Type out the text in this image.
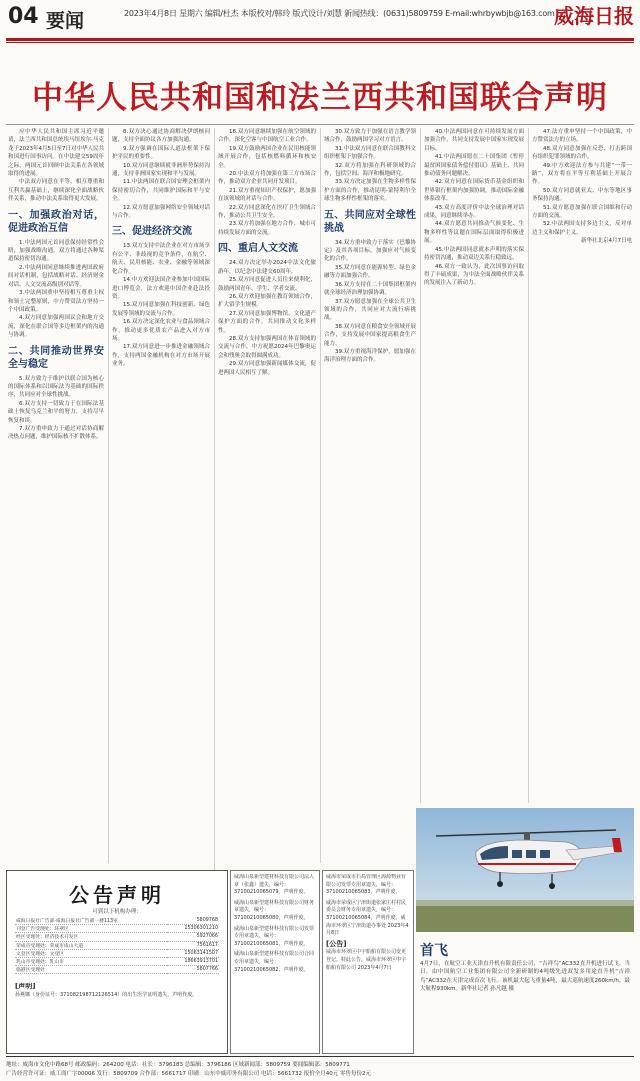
04 要闻	2023年4月8日 星期六 编辑/杜杰 本版校对/韩玲 版式设计/刘慧 新闻热线：(0631)5809759 E-mail:whrbywbjb@163.com 威海日报
中华人民共和国和法兰西共和国联合声明

应中华人民共和国主席习近平邀请，法兰西共和国总统埃马纽埃尔·马克龙于2023年4月5日至7日对中华人民共和国进行国事访问。在中法建交59周年之际，两国元首回顾中法关系在各领域取得的进展。

中法双方同意在平等、相互尊重和互利共赢基础上，继续深化全面战略伙伴关系，推动中法关系取得更大发展。

一、加强政治对话，促进政治互信

1.中法两国元首同意保持经常性会晤，加强战略沟通。双方将通过各种渠道保持密切沟通。

2.中法两国同意继续推进两国政府间对话机制，包括战略对话、经济财金对话、人文交流高级别对话等。

3.中法两国重申坚持相互尊重主权和领土完整原则，中方赞赏法方坚持一个中国政策。

4.双方同意加强两国议会和地方交流，深化在联合国等多边框架内的沟通与协调。

二、共同推动世界安全与稳定

5.双方致力于维护以联合国为核心的国际体系和以国际法为基础的国际秩序，共同应对全球性挑战。

6.双方支持一切致力于在国际法基础上恢复乌克兰和平的努力，支持尽早恢复和谈。

7.双方重申致力于通过对话协商解决热点问题，维护国际核不扩散体系。

8.双方决心通过协商解决伊朗核问题，支持全面协议各方加强沟通。

9.双方强调在国际人道法框架下保护平民的重要性。

10.双方同意继续就非洲形势保持沟通，支持非洲国家实现和平与发展。

11.中法两国在联合国安理会框架内保持密切合作，共同维护国际和平与安全。

12.双方愿意加强网络安全领域对话与合作。

三、促进经济交流

13.双方支持中法企业在对方市场享有公平、非歧视的竞争条件，在航空、航天、民用核能、农业、金融等领域深化合作。

14.中方欢迎法国企业参加中国国际进口博览会，法方欢迎中国企业赴法投资。

15.双方同意加强在科技创新、绿色发展等领域的交流与合作。

16.双方决定深化农业与食品领域合作，推动更多优质农产品进入对方市场。

17.双方同意进一步推进金融领域合作，支持两国金融机构在对方市场开展业务。

18.双方同意继续加强在航空领域的合作，深化空客与中国航空工业合作。

19.双方鼓励两国企业在民用核能领域开展合作，包括核燃料循环和核安全。

20.中法双方将加强在第三方市场合作，推动双方企业共同开发项目。

21.双方重视知识产权保护，愿加强在该领域的对话与合作。

22.双方同意深化在医疗卫生领域合作，推动公共卫生安全。

23.双方将加强在地方合作、城市可持续发展方面的交流。

四、重启人文交流

24.双方决定举办2024中法文化旅游年，以纪念中法建交60周年。

25.双方同意促进人员往来便利化，鼓励两国青年、学生、学者交流。

26.双方欢迎加强在教育领域合作，扩大留学生规模。

27.双方同意加强博物馆、文化遗产保护方面的合作，共同推动文化多样性。

28.双方支持加强两国在体育领域的交流与合作，中方祝愿2024年巴黎奥运会和残奥会取得圆满成功。

29.双方同意加强新闻媒体交流，促进两国人民相互了解。

30.双方致力于加强在语言教学领域合作，鼓励两国学习对方语言。

31.中法双方同意在联合国教科文组织框架下加强合作。

32.双方将加强在科研领域的合作，包括空间、海洋和极地研究。

33.双方决定加强在生物多样性保护方面的合作，推动昆明-蒙特利尔全球生物多样性框架的落实。

五、共同应对全球性挑战

34.双方重申致力于落实《巴黎协定》及其各项目标，加强应对气候变化的合作。

35.双方同意在能源转型、绿色金融等方面加强合作。

36.双方支持在二十国集团框架内就全球经济治理加强协调。

37.双方愿意加强在全球公共卫生领域的合作，共同应对大流行病挑战。

38.双方同意在粮食安全领域开展合作，支持发展中国家提高粮食生产能力。

39.双方重视海洋保护，愿加强在海洋治理方面的合作。

40.中法两国同意在可持续发展方面加强合作，共同支持发展中国家实现发展目标。

41.中法两国愿在二十国集团《暂停最贫困国家债务偿付倡议》基础上，共同推动债务问题解决。

42.双方同意在国际货币基金组织和世界银行框架内加强协调，推动国际金融体系改革。

43.双方高度评价中法全球治理对话成果，同意继续举办。

44.双方愿意共同推动气候变化、生物多样性等议题在国际层面取得积极进展。

45.中法两国同意就本声明的落实保持密切沟通，推动双边关系行稳致远。

46.双方一致认为，此次国事访问取得了丰硕成果，为中法全面战略伙伴关系的发展注入了新动力。

47.法方重申坚持一个中国政策，中方赞赏法方的立场。

48.双方同意加强在反恐、打击跨国有组织犯罪领域的合作。

49.中方欢迎法方参与共建“一带一路”，双方将在平等互利基础上开展合作。

50.双方同意就亚太、中东等地区事务保持沟通。

51.双方愿意加强在联合国维和行动方面的交流。

52.中法两国支持多边主义，反对单边主义和保护主义。

新华社北京4月7日电

首飞
4月7日，在航空工业天津直升机有限责任公司，“吉祥鸟”AC332直升机进行试飞。当日，由中国航空工业集团有限公司全新研制的4吨级先进双发多用途直升机“吉祥鸟”AC332在天津完成首次飞行。该机最大起飞重量4吨，最大巡航速度260km/h，最大航程930km。新华社记者 孙凡越 摄
公告声明
可到以下机构办理：
威海日报社广告部·威海日报社广告部一楼113室	5809768
刊登广告受理处：环翠区	15306301210
经区受理处：经济技术开发区	5927066
荣成市受理处：荣成市成山大道	7561617
文登区受理处：文登区	15063141507
乳山市受理处：乳山市	18663913701
临港区受理处	5807766
[声明]
孙燕娜（身份证号：371082198712126514）的出生医学证明遗失，声明作废。

威海山泉新型建材科技有限公司法人章（张鑫）遗失，编号：37100210065079，声明作废。

威海山泉新型建材科技有限公司财务章遗失，编号：37100210065080，声明作废。

威海山泉新型建材科技有限公司发票专用章遗失，编号：37100210065081，声明作废。

威海山泉新型建材科技有限公司合同专用章遗失，编号：37100210065082，声明作废。

威海市荣成市石岛管理区海源物业有限公司发票专用章遗失，编号：37100210065083，声明作废。

威海市荣成区宁津街道张家庄村村民委员会财务专用章遗失，编号：37100210065084，声明作废。威海市环翠区宁津街道办事处 2023年4月8日

[公告]

威海市环翠区中宇船舶有限公司变更登记。特此公告。威海市环翠区中宇船舶有限公司 2023年4月7日

地址：威海市文化中路68号 邮政编码：264200 电话：社长：3796183 总编辑：3796186 区域新闻部：5809759 要闻编辑部：5809771
广告经营许可证：威工商广字00006 发行：5809709 合作部：5661717 印刷：山东中威印务有限公司 电话：5661732 报价全月40元 零售每份2元
